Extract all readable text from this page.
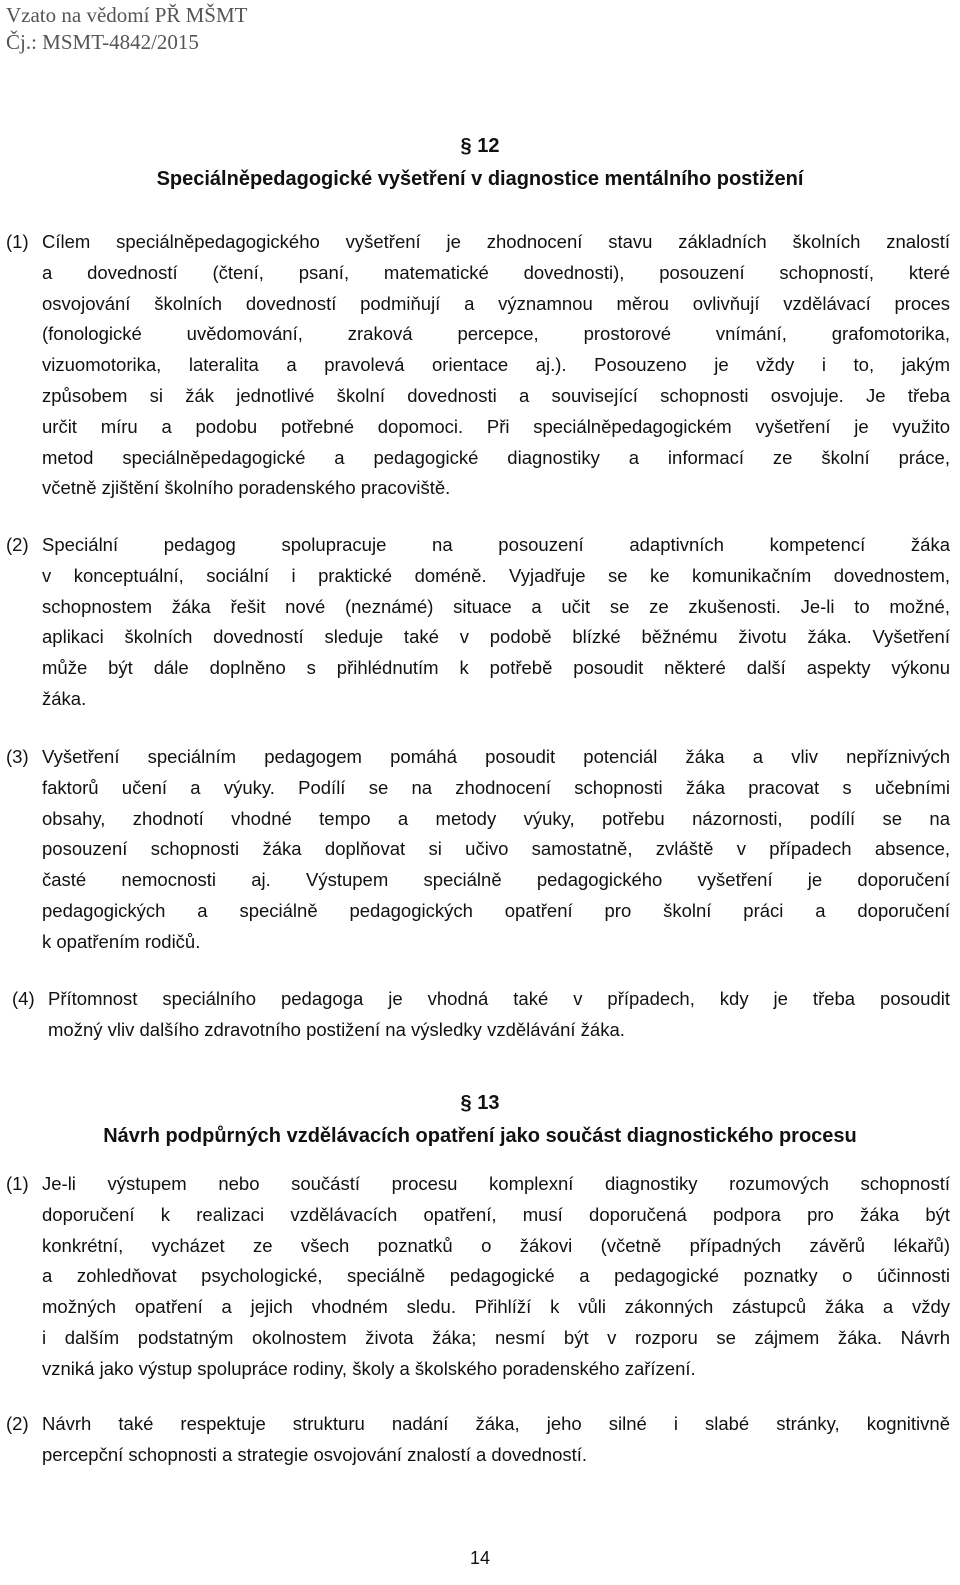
Vzato na vědomí PŘ MŠMT
Čj.: MSMT-4842/2015
§ 12
Speciálněpedagogické vyšetření v diagnostice mentálního postižení
(1) Cílem speciálněpedagogického vyšetření je zhodnocení stavu základních školních znalostí
a dovedností (čtení, psaní, matematické dovednosti), posouzení schopností, které
osvojování školních dovedností podmiňují a významnou měrou ovlivňují vzdělávací proces
(fonologické uvědomování, zraková percepce, prostorové vnímání, grafomotorika,
vizuomotorika, lateralita a pravolevá orientace aj.). Posouzeno je vždy i to, jakým
způsobem si žák jednotlivé školní dovednosti a související schopnosti osvojuje. Je třeba
určit míru a podobu potřebné dopomoci. Při speciálněpedagogickém vyšetření je využito
metod speciálněpedagogické a pedagogické diagnostiky a informací ze školní práce,
včetně zjištění školního poradenského pracoviště.
(2) Speciální pedagog spolupracuje na posouzení adaptivních kompetencí žáka
v konceptuální, sociální i praktické doméně. Vyjadřuje se ke komunikačním dovednostem,
schopnostem žáka řešit nové (neznámé) situace a učit se ze zkušenosti. Je-li to možné,
aplikaci školních dovedností sleduje také v podobě blízké běžnému životu žáka. Vyšetření
může být dále doplněno s přihlédnutím k potřebě posoudit některé další aspekty výkonu
žáka.
(3) Vyšetření speciálním pedagogem pomáhá posoudit potenciál žáka a vliv nepříznivých
faktorů učení a výuky. Podílí se na zhodnocení schopnosti žáka pracovat s učebními
obsahy, zhodnotí vhodné tempo a metody výuky, potřebu názornosti, podílí se na
posouzení schopnosti žáka doplňovat si učivo samostatně, zvláště v případech absence,
časté nemocnosti aj. Výstupem speciálně pedagogického vyšetření je doporučení
pedagogických a speciálně pedagogických opatření pro školní práci a doporučení
k opatřením rodičů.
(4) Přítomnost speciálního pedagoga je vhodná také v případech, kdy je třeba posoudit
možný vliv dalšího zdravotního postižení na výsledky vzdělávání žáka.
§ 13
Návrh podpůrných vzdělávacích opatření jako součást diagnostického procesu
(1) Je-li výstupem nebo součástí procesu komplexní diagnostiky rozumových schopností
doporučení k realizaci vzdělávacích opatření, musí doporučená podpora pro žáka být
konkrétní, vycházet ze všech poznatků o žákovi (včetně případných závěrů lékařů)
a zohledňovat psychologické, speciálně pedagogické a pedagogické poznatky o účinnosti
možných opatření a jejich vhodném sledu. Přihlíží k vůli zákonných zástupců žáka a vždy
i dalším podstatným okolnostem života žáka; nesmí být v rozporu se zájmem žáka. Návrh
vzniká jako výstup spolupráce rodiny, školy a školského poradenského zařízení.
(2) Návrh také respektuje strukturu nadání žáka, jeho silné i slabé stránky, kognitivně
percepční schopnosti a strategie osvojování znalostí a dovedností.
14
